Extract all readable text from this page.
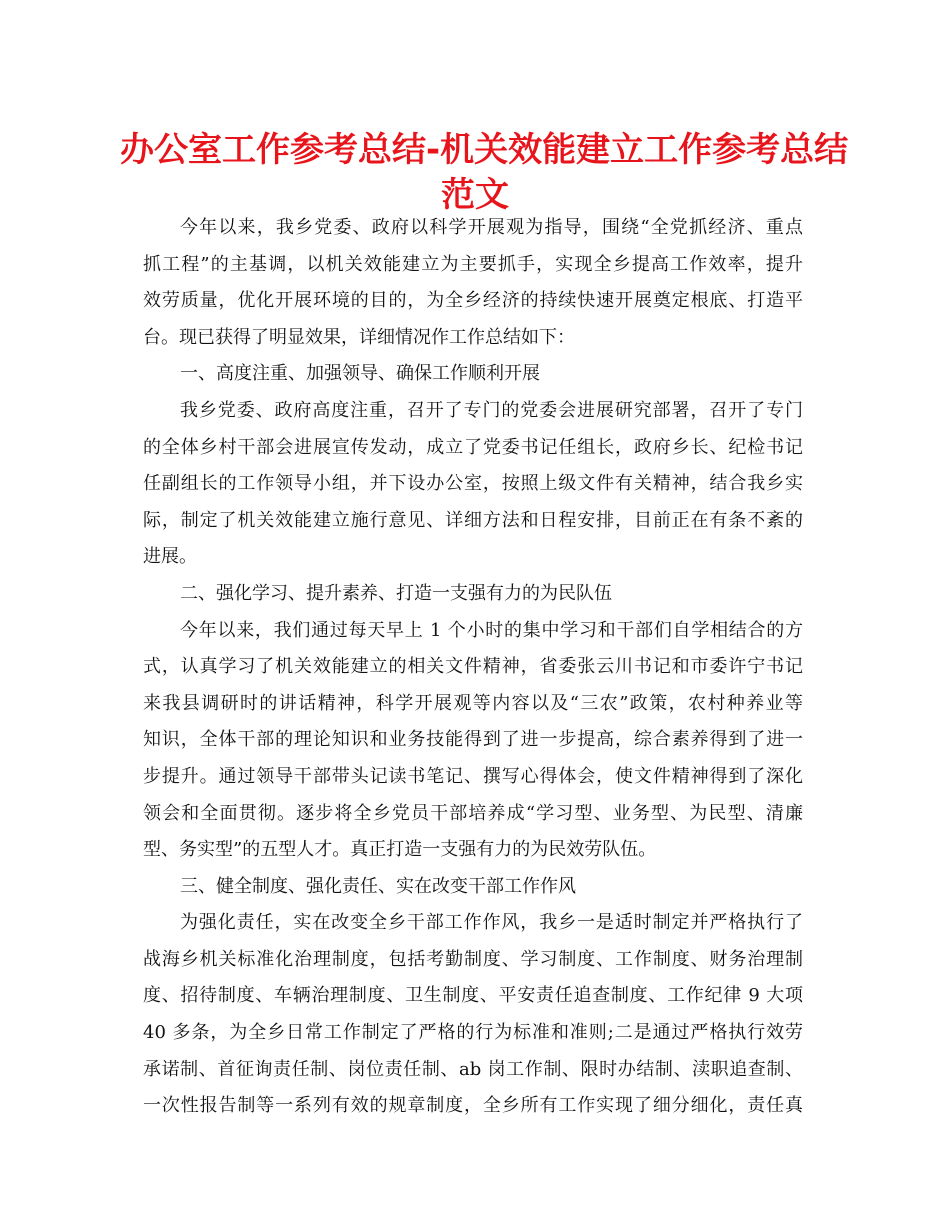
办公室工作参考总结-机关效能建立工作参考总结
范文
今年以来，我乡党委、政府以科学开展观为指导，围绕“全党抓经济、重点
抓工程”的主基调，以机关效能建立为主要抓手，实现全乡提高工作效率，提升
效劳质量，优化开展环境的目的，为全乡经济的持续快速开展奠定根底、打造平
台。现已获得了明显效果，详细情况作工作总结如下：
一、高度注重、加强领导、确保工作顺利开展
我乡党委、政府高度注重，召开了专门的党委会进展研究部署，召开了专门
的全体乡村干部会进展宣传发动，成立了党委书记任组长，政府乡长、纪检书记
任副组长的工作领导小组，并下设办公室，按照上级文件有关精神，结合我乡实
际，制定了机关效能建立施行意见、详细方法和日程安排，目前正在有条不紊的
进展。
二、强化学习、提升素养、打造一支强有力的为民队伍
今年以来，我们通过每天早上 1 个小时的集中学习和干部们自学相结合的方
式，认真学习了机关效能建立的相关文件精神，省委张云川书记和市委许宁书记
来我县调研时的讲话精神，科学开展观等内容以及“三农”政策，农村种养业等
知识，全体干部的理论知识和业务技能得到了进一步提高，综合素养得到了进一
步提升。通过领导干部带头记读书笔记、撰写心得体会，使文件精神得到了深化
领会和全面贯彻。逐步将全乡党员干部培养成“学习型、业务型、为民型、清廉
型、务实型”的五型人才。真正打造一支强有力的为民效劳队伍。
三、健全制度、强化责任、实在改变干部工作作风
为强化责任，实在改变全乡干部工作作风，我乡一是适时制定并严格执行了
战海乡机关标准化治理制度，包括考勤制度、学习制度、工作制度、财务治理制
度、招待制度、车辆治理制度、卫生制度、平安责任追查制度、工作纪律 9 大项
40 多条，为全乡日常工作制定了严格的行为标准和准则;二是通过严格执行效劳
承诺制、首征询责任制、岗位责任制、ab 岗工作制、限时办结制、渎职追查制、
一次性报告制等一系列有效的规章制度，全乡所有工作实现了细分细化，责任真
